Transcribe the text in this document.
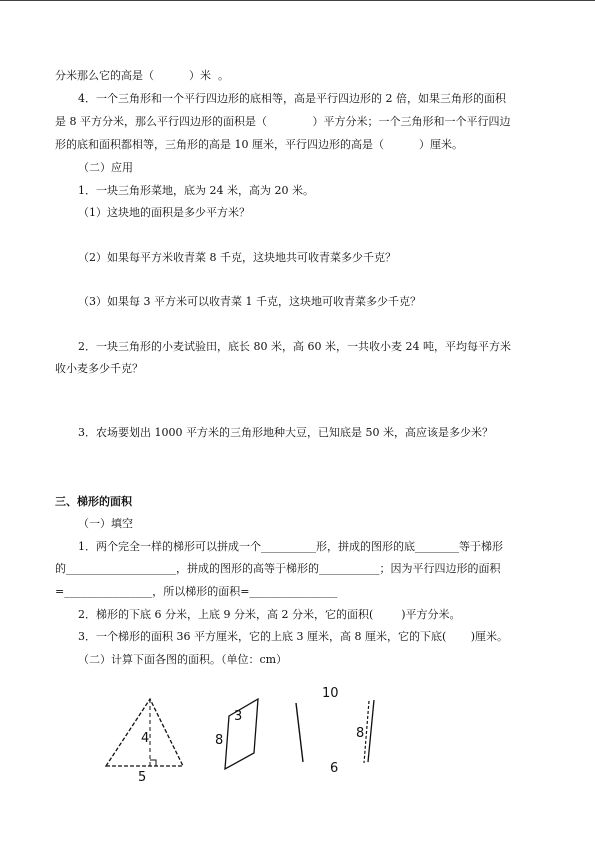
分米那么它的高是（          ）米  。
4．一个三角形和一个平行四边形的底相等，高是平行四边形的 2 倍，如果三角形的面积
是 8 平方分米，那么平行四边形的面积是（             ）平方分米；一个三角形和一个平行四边
形的底和面积都相等，三角形的高是 10 厘米，平行四边形的高是（          ）厘米。
（二）应用
1．一块三角形菜地，底为 24 米，高为 20 米。
（1）这块地的面积是多少平方米？
（2）如果每平方米收青菜 8 千克，这块地共可收青菜多少千克？
（3）如果每 3 平方米可以收青菜 1 千克，这块地可收青菜多少千克？
2．一块三角形的小麦试验田，底长 80 米，高 60 米，一共收小麦 24 吨，平均每平方米
收小麦多少千克？
3．农场要划出 1000 平方米的三角形地种大豆，已知底是 50 米，高应该是多少米？
三、梯形的面积
（一）填空
1．两个完全一样的梯形可以拼成一个__________形，拼成的图形的底________等于梯形
的____________________，拼成的图形的高等于梯形的___________；因为平行四边形的面积
=________________，所以梯形的面积=________________
2．梯形的下底 6 分米，上底 9 分米，高 2 分米，它的面积(        )平方分米。
3．一个梯形的面积 36 平方厘米，它的上底 3 厘米，高 8 厘米，它的下底(       )厘米。
（二）计算下面各图的面积。（单位：cm）
4
5
8
3
10
8
6
